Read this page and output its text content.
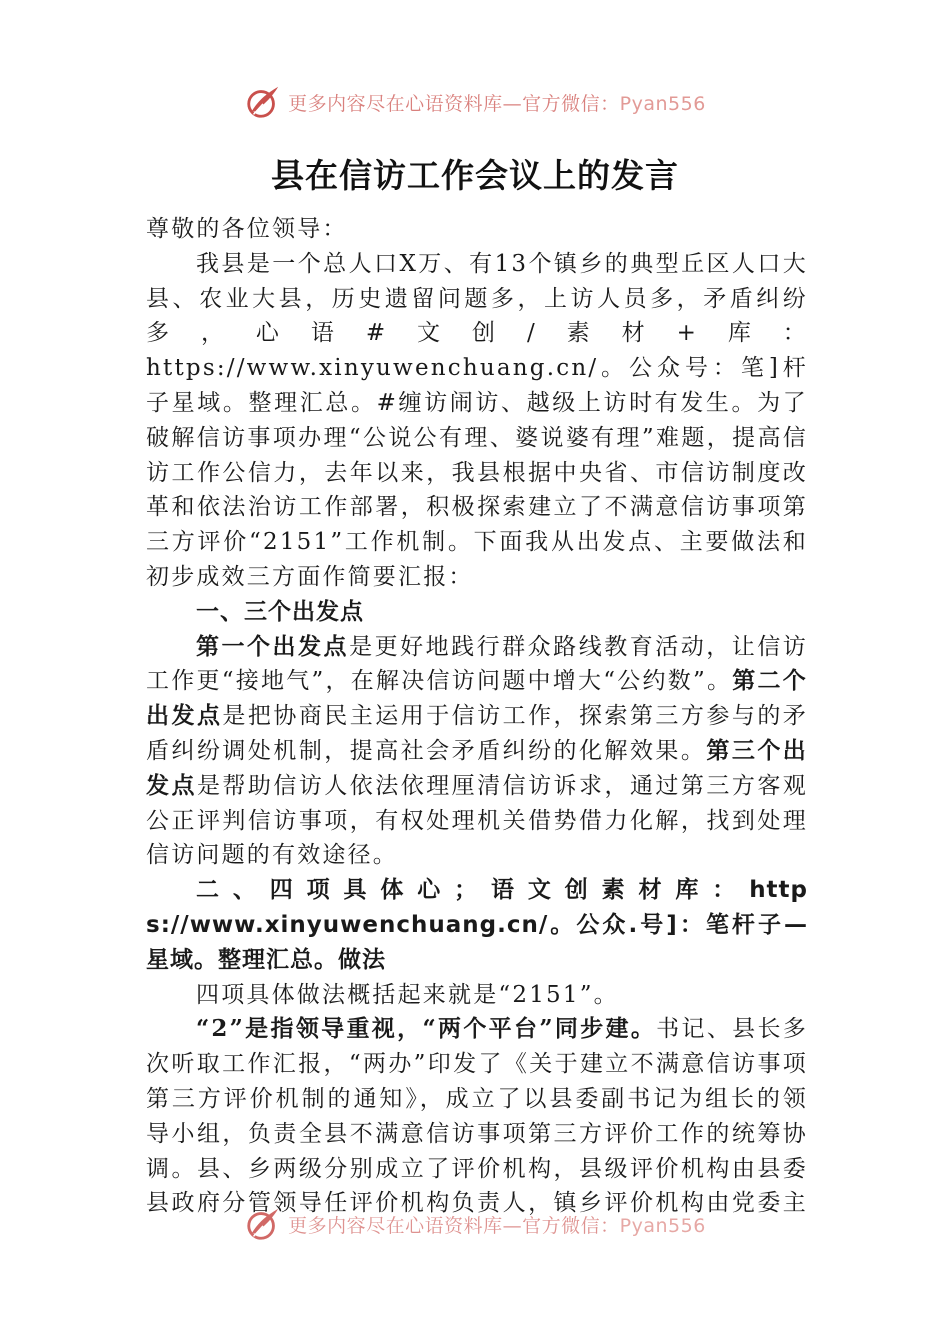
更多内容尽在心语资料库—官方微信：Pyan556
县在信访工作会议上的发言

尊敬的各位领导：

我县是一个总人口X万、有13个镇乡的典型丘区人口大县、农业大县，历史遗留问题多，上访人员多，矛盾纠纷多，心语#文创/素材+库：https://www.xinyuwenchuang.cn/。公众号：笔]杆子星域。整理汇总。#缠访闹访、越级上访时有发生。为了破解信访事项办理“公说公有理、婆说婆有理”难题，提高信访工作公信力，去年以来，我县根据中央省、市信访制度改革和依法治访工作部署，积极探索建立了不满意信访事项第三方评价“2151”工作机制。下面我从出发点、主要做法和初步成效三方面作简要汇报：

一、三个出发点

第一个出发点是更好地践行群众路线教育活动，让信访工作更“接地气”，在解决信访问题中增大“公约数”。第二个出发点是把协商民主运用于信访工作，探索第三方参与的矛盾纠纷调处机制，提高社会矛盾纠纷的化解效果。第三个出发点是帮助信访人依法依理厘清信访诉求，通过第三方客观公正评判信访事项，有权处理机关借势借力化解，找到处理信访问题的有效途径。

二、四项具体心；语文创素材库：https://www.xinyuwenchuang.cn/。公众.号]：笔杆子—星域。整理汇总。做法

四项具体做法概括起来就是“2151”。

“2”是指领导重视，“两个平台”同步建。书记、县长多次听取工作汇报，“两办”印发了《关于建立不满意信访事项第三方评价机制的通知》，成立了以县委副书记为组长的领导小组，负责全县不满意信访事项第三方评价工作的统筹协调。县、乡两级分别成立了评价机构，县级评价机构由县委县政府分管领导任评价机构负责人，镇乡评价机构由党委主

更多内容尽在心语资料库—官方微信：Pyan556
